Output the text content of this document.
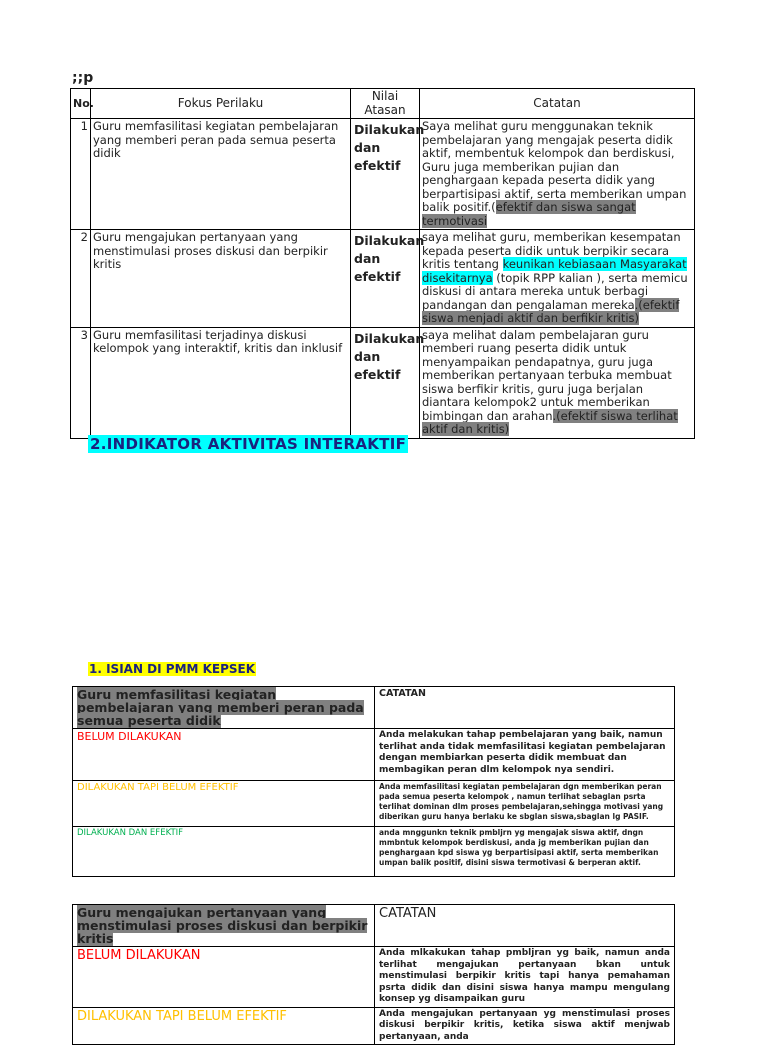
;;p
No.	Fokus Perilaku	Nilai Atasan	Catatan
1	Guru memfasilitasi kegiatan pembelajaran yang memberi peran pada semua peserta didik	Dilakukan dan efektif	Saya melihat guru menggunakan teknik pembelajaran yang mengajak peserta didik aktif, membentuk kelompok dan berdiskusi, Guru juga memberikan pujian dan penghargaan kepada peserta didik yang berpartisipasi aktif, serta memberikan umpan balik positif.(efektif dan siswa sangat termotivasi
2	Guru mengajukan pertanyaan yang menstimulasi proses diskusi dan berpikir kritis	Dilakukan dan efektif	saya melihat guru, memberikan kesempatan kepada peserta didik untuk berpikir secara kritis tentang keunikan kebiasaan Masyarakat disekitarnya (topik RPP kalian ), serta memicu diskusi di antara mereka untuk berbagi pandangan dan pengalaman mereka.(efektif siswa menjadi aktif dan berfikir kritis)
3	Guru memfasilitasi terjadinya diskusi kelompok yang interaktif, kritis dan inklusif	Dilakukan dan efektif	saya melihat dalam pembelajaran guru memberi ruang peserta didik untuk menyampaikan pendapatnya, guru juga memberikan pertanyaan terbuka membuat siswa berfikir kritis, guru juga berjalan diantara kelompok2 untuk memberikan bimbingan dan arahan.(efektif siswa terlihat aktif dan kritis)
2.INDIKATOR AKTIVITAS INTERAKTIF
1. ISIAN DI PMM KEPSEK
Guru memfasilitasi kegiatan pembelajaran yang memberi peran pada semua peserta didik	CATATAN
BELUM DILAKUKAN	Anda melakukan tahap pembelajaran yang baik, namun terlihat anda tidak memfasilitasi kegiatan pembelajaran dengan membiarkan peserta didik membuat dan membagikan peran dlm kelompok nya sendiri.
DILAKUKAN TAPI BELUM EFEKTIF	Anda memfasilitasi kegiatan pembelajaran dgn memberikan peran pada semua peserta kelompok , namun terlihat sebaglan psrta terlihat dominan dlm proses pembelajaran,sehingga motivasi yang diberikan guru hanya berlaku ke sbglan siswa,sbaglan lg PASIF.
DILAKUKAN DAN EFEKTIF	anda mnggunkn teknik pmbljrn yg mengajak siswa aktif, dngn mmbntuk kelompok berdiskusi, anda jg memberikan pujian dan penghargaan kpd siswa yg berpartisipasi aktif, serta memberikan umpan balik positif, disini siswa termotivasi & berperan aktif.
Guru mengajukan pertanyaan yang menstimulasi proses diskusi dan berpikir kritis	CATATAN
BELUM DILAKUKAN	Anda mlkakukan tahap pmbljran yg baik, namun anda terlihat mengajukan pertanyaan bkan untuk menstimulasi berpikir kritis tapi hanya pemahaman psrta didik dan disini siswa hanya mampu mengulang konsep yg disampaikan guru
DILAKUKAN TAPI BELUM EFEKTIF	Anda mengajukan pertanyaan yg menstimulasi proses diskusi berpikir kritis, ketika siswa aktif menjwab pertanyaan, anda
